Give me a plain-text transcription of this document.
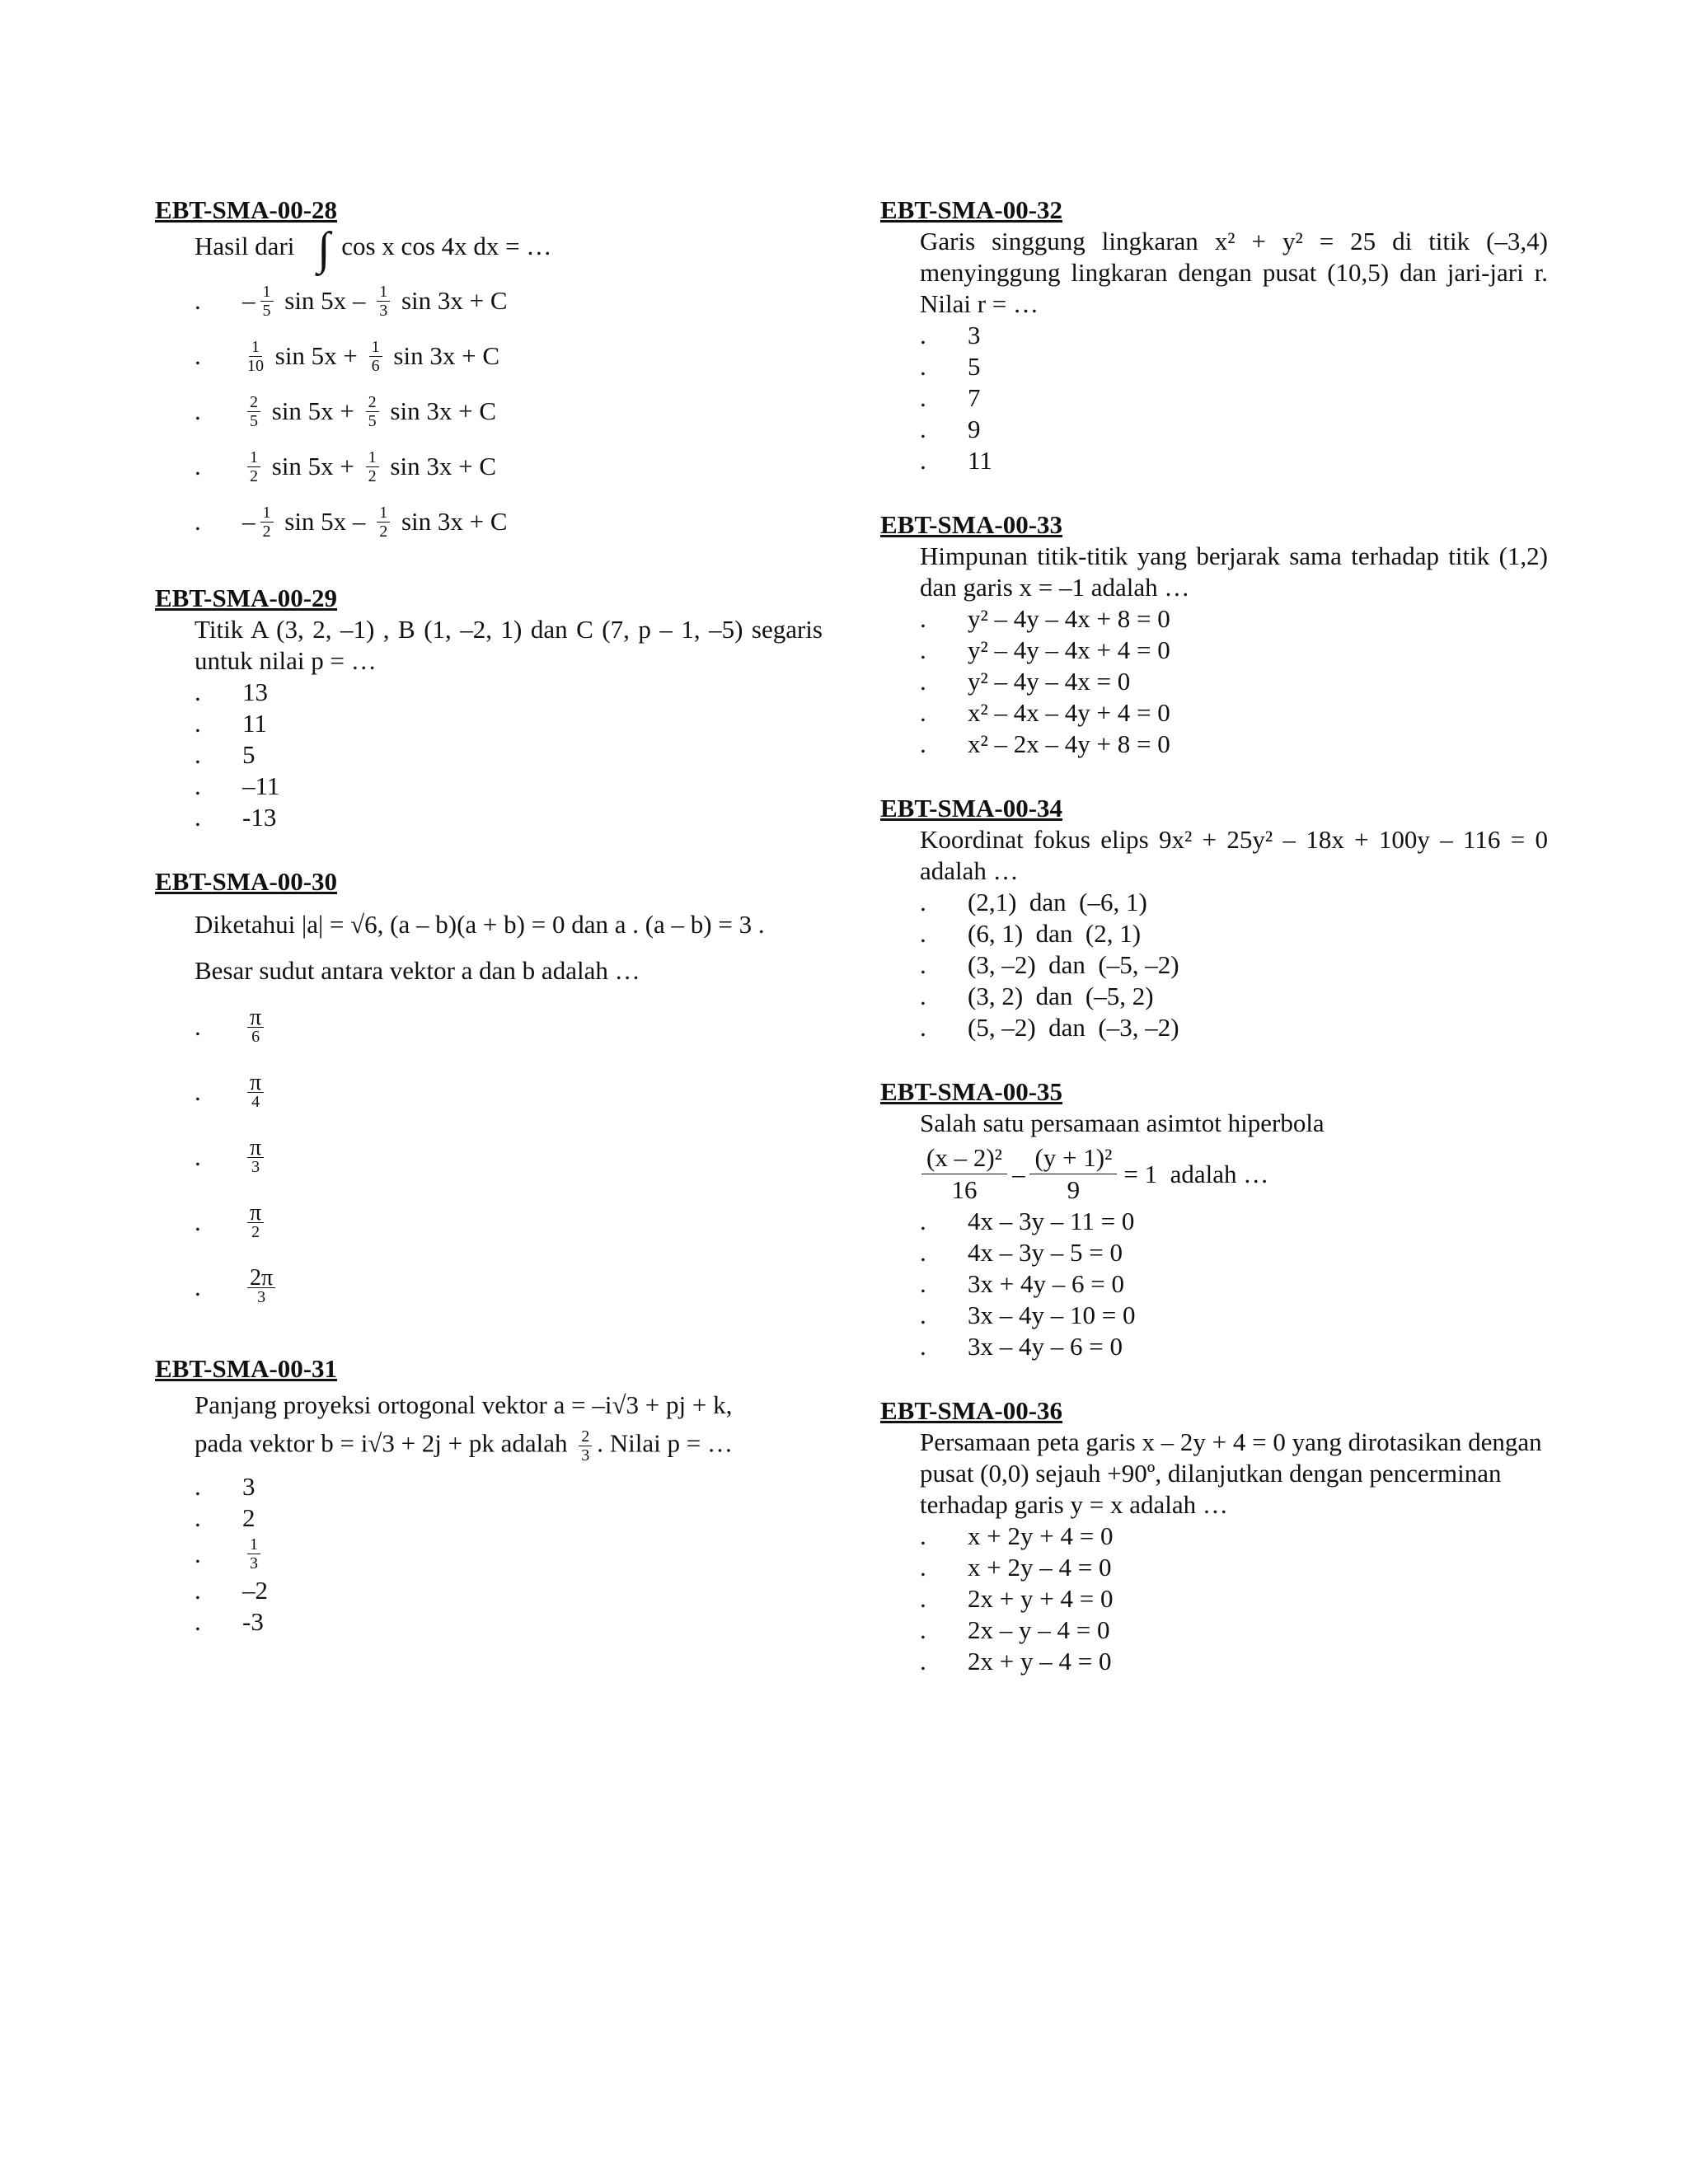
EBT-SMA-00-28
Hasil dari ∫ cos x cos 4x dx = …
.	– $\frac{1}{5}$ $\sin 5x - \frac{1}{3}$ sin 3x + C
.	$\frac{1}{10}$ $\sin 5x + \frac{1}{6}$ sin 3x + C
.	$\frac{2}{5}$ $\sin 5x + \frac{2}{5}$ sin 3x + C
.	$\frac{1}{2}$ $\sin 5x + \frac{1}{2}$ sin 3x + C
.	– $\frac{1}{2}$ $\sin 5x - \frac{1}{2}$ sin 3x + C
EBT-SMA-00-29
Titik A (3, 2, –1) , B (1, –2, 1) dan C (7, p – 1, –5) segaris untuk nilai p = …
.	13
.	11
.	5
.	–11
.	-13
EBT-SMA-00-30
Diketahui |a| = √6, (a – b)(a + b) = 0 dan a . (a – b) = 3 .
Besar sudut antara vektor a dan b adalah …
.	$\frac{\pi}{6}$
.	$\frac{\pi}{4}$
.	$\frac{\pi}{3}$
.	$\frac{\pi}{2}$
.	$\frac{2\pi}{3}$
EBT-SMA-00-31
Panjang proyeksi ortogonal vektor a = –i√3 + pj + k,
pada vektor b = i√3 + 2j + pk adalah $\frac{2}{3}$ . Nilai p = …
.	3
.	2
.	$\frac{1}{3}$
.	–2
.	-3
EBT-SMA-00-32
Garis singgung lingkaran x² + y² = 25 di titik (–3,4) menyinggung lingkaran dengan pusat (10,5) dan jari-jari r. Nilai r = …
.	3
.	5
.	7
.	9
.	11
EBT-SMA-00-33
Himpunan titik-titik yang berjarak sama terhadap titik (1,2) dan garis x = –1 adalah …
.	y² – 4y – 4x + 8 = 0
.	y² – 4y – 4x + 4 = 0
.	y² – 4y – 4x = 0
.	x² – 4x – 4y + 4 = 0
.	x² – 2x – 4y + 8 = 0
EBT-SMA-00-34
Koordinat fokus elips 9x² + 25y² – 18x + 100y – 116 = 0 adalah …
.	(2,1)  dan  (–6, 1)
.	(6, 1)  dan  (2, 1)
.	(3, –2)  dan  (–5, –2)
.	(3, 2)  dan  (–5, 2)
.	(5, –2)  dan  (–3, –2)
EBT-SMA-00-35
Salah satu persamaan asimtot hiperbola
$\frac{\text{(x – 2)²}}{16} - \frac{\text{(y + 1)²}}{9} = 1$  adalah …
.	4x – 3y – 11 = 0
.	4x – 3y – 5 = 0
.	3x + 4y – 6 = 0
.	3x – 4y – 10 = 0
.	3x – 4y – 6 = 0
EBT-SMA-00-36
Persamaan peta garis x – 2y + 4 = 0 yang dirotasikan dengan pusat (0,0) sejauh +90º, dilanjutkan dengan pencerminan terhadap garis y = x adalah …
.	x + 2y + 4 = 0
.	x + 2y – 4 = 0
.	2x + y + 4 = 0
.	2x – y – 4 = 0
.	2x + y – 4 = 0
